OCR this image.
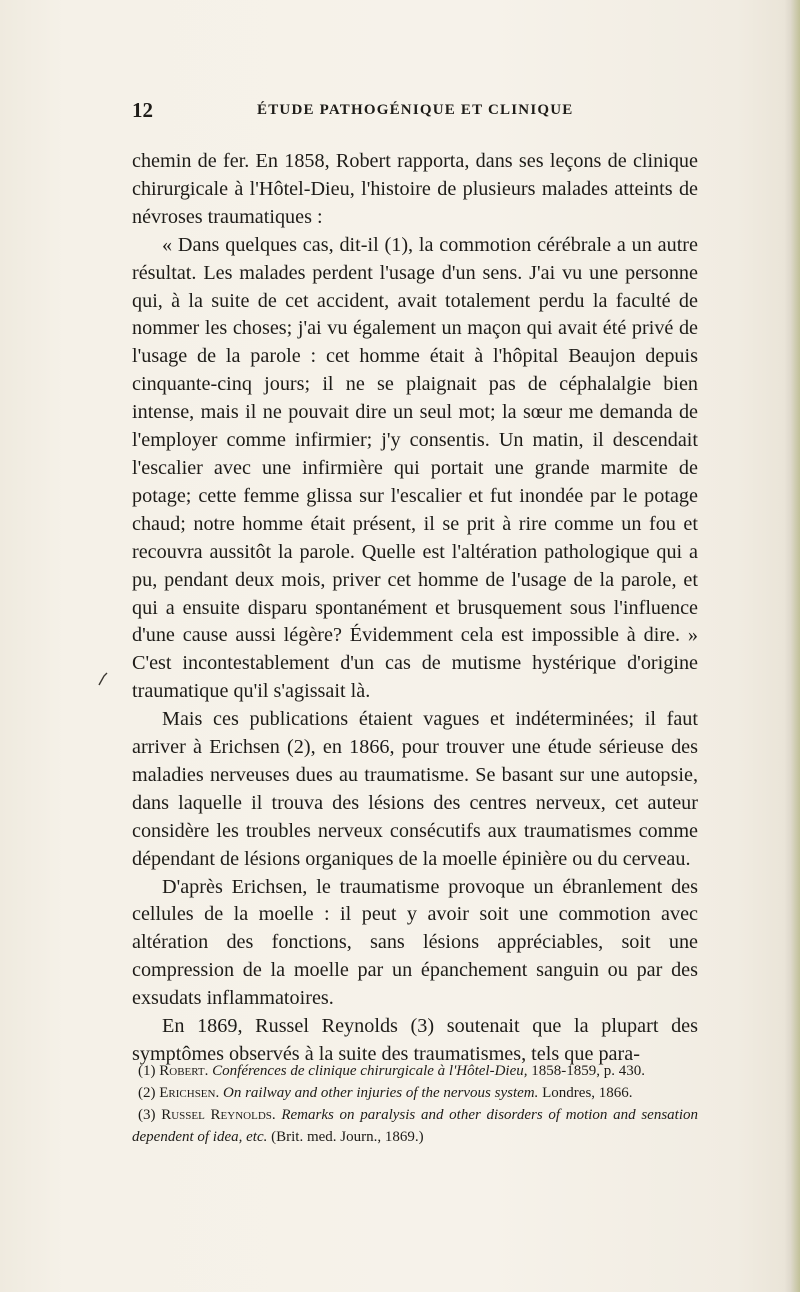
12	ÉTUDE PATHOGÉNIQUE ET CLINIQUE

chemin de fer. En 1858, Robert rapporta, dans ses leçons de clinique chirurgicale à l'Hôtel-Dieu, l'histoire de plusieurs malades atteints de névroses traumatiques :

« Dans quelques cas, dit-il (1), la commotion cérébrale a un autre résultat. Les malades perdent l'usage d'un sens. J'ai vu une personne qui, à la suite de cet accident, avait totalement perdu la faculté de nommer les choses; j'ai vu également un maçon qui avait été privé de l'usage de la parole : cet homme était à l'hôpital Beaujon depuis cinquante-cinq jours; il ne se plaignait pas de céphalalgie bien intense, mais il ne pouvait dire un seul mot; la sœur me demanda de l'employer comme infirmier; j'y consentis. Un matin, il descendait l'escalier avec une infirmière qui portait une grande marmite de potage; cette femme glissa sur l'escalier et fut inondée par le potage chaud; notre homme était présent, il se prit à rire comme un fou et recouvra aussitôt la parole. Quelle est l'altération pathologique qui a pu, pendant deux mois, priver cet homme de l'usage de la parole, et qui a ensuite disparu spontanément et brusquement sous l'influence d'une cause aussi légère? Évidemment cela est impossible à dire. » C'est incontestablement d'un cas de mutisme hystérique d'origine traumatique qu'il s'agissait là.

Mais ces publications étaient vagues et indéterminées; il faut arriver à Erichsen (2), en 1866, pour trouver une étude sérieuse des maladies nerveuses dues au traumatisme. Se basant sur une autopsie, dans laquelle il trouva des lésions des centres nerveux, cet auteur considère les troubles nerveux consécutifs aux traumatismes comme dépendant de lésions organiques de la moelle épinière ou du cerveau.

D'après Erichsen, le traumatisme provoque un ébranlement des cellules de la moelle : il peut y avoir soit une commotion avec altération des fonctions, sans lésions appréciables, soit une compression de la moelle par un épanchement sanguin ou par des exsudats inflammatoires.

En 1869, Russel Reynolds (3) soutenait que la plupart des symptômes observés à la suite des traumatismes, tels que para-

(1) Robert. Conférences de clinique chirurgicale à l'Hôtel-Dieu, 1858-1859, p. 430.

(2) Erichsen. On railway and other injuries of the nervous system. Londres, 1866.

(3) Russel Reynolds. Remarks on paralysis and other disorders of motion and sensation dependent of idea, etc. (Brit. med. Journ., 1869.)
